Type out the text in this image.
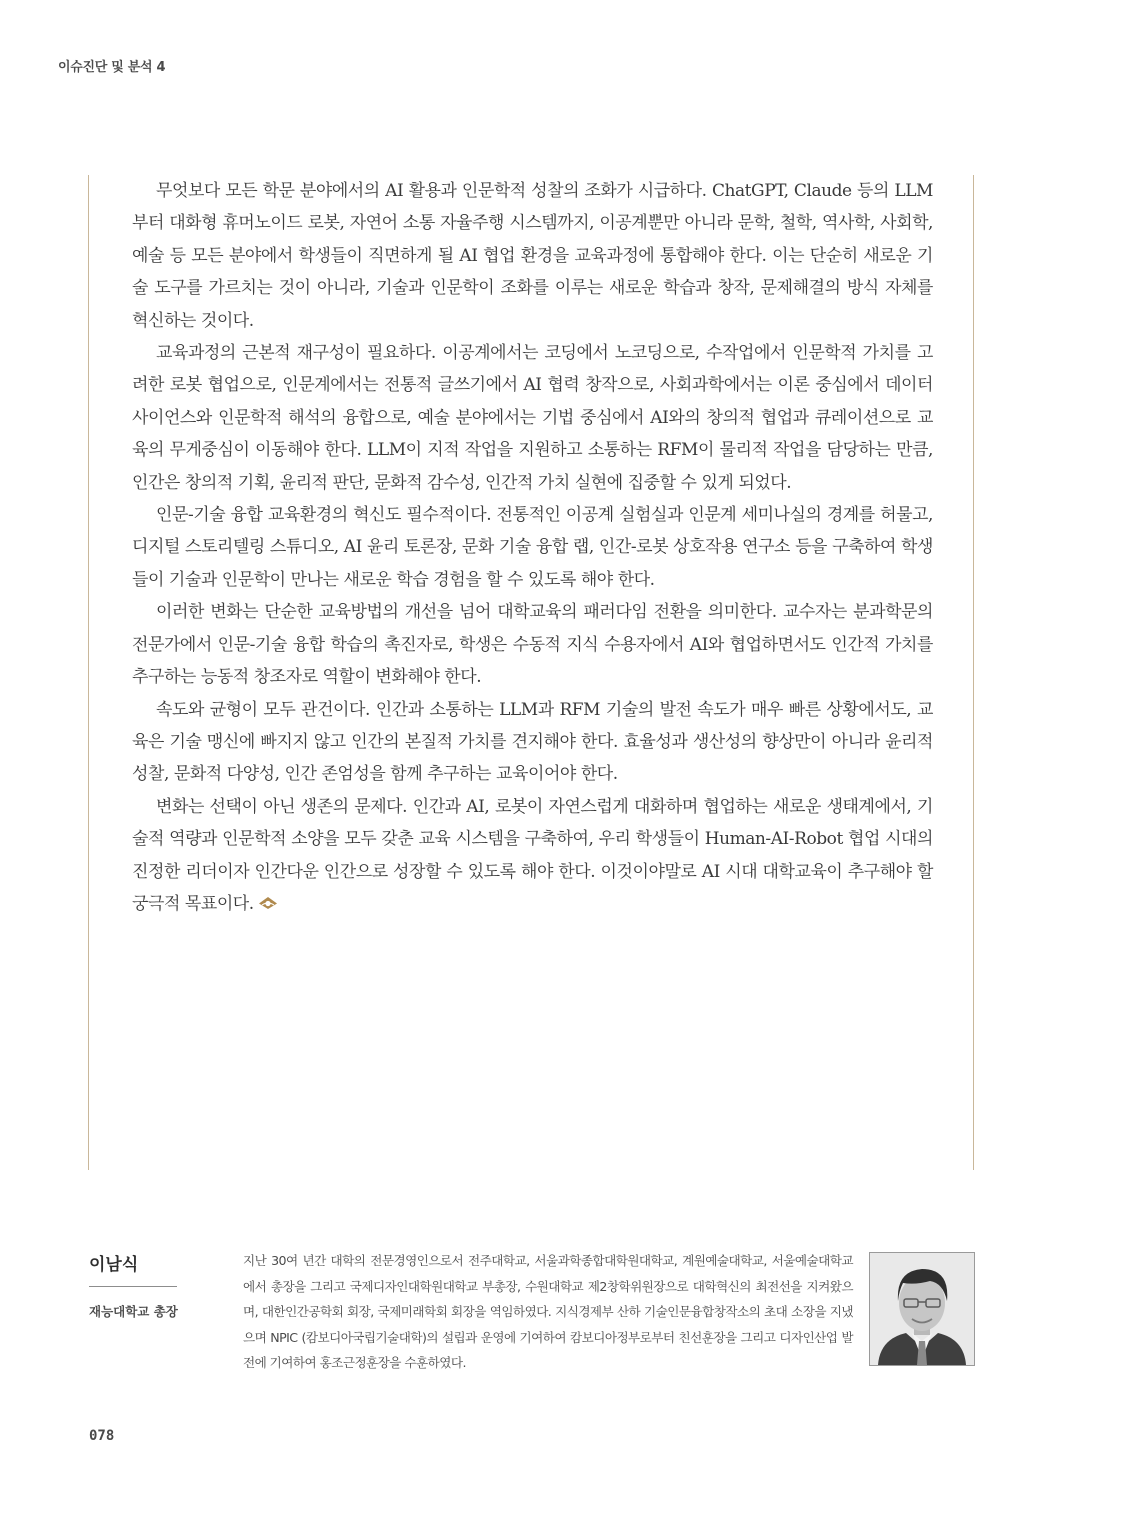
이슈진단 및 분석 4

무엇보다 모든 학문 분야에서의 AI 활용과 인문학적 성찰의 조화가 시급하다. ChatGPT, Claude 등의 LLM부터 대화형 휴머노이드 로봇, 자연어 소통 자율주행 시스템까지, 이공계뿐만 아니라 문학, 철학, 역사학, 사회학, 예술 등 모든 분야에서 학생들이 직면하게 될 AI 협업 환경을 교육과정에 통합해야 한다. 이는 단순히 새로운 기술 도구를 가르치는 것이 아니라, 기술과 인문학이 조화를 이루는 새로운 학습과 창작, 문제해결의 방식 자체를 혁신하는 것이다.

교육과정의 근본적 재구성이 필요하다. 이공계에서는 코딩에서 노코딩으로, 수작업에서 인문학적 가치를 고려한 로봇 협업으로, 인문계에서는 전통적 글쓰기에서 AI 협력 창작으로, 사회과학에서는 이론 중심에서 데이터 사이언스와 인문학적 해석의 융합으로, 예술 분야에서는 기법 중심에서 AI와의 창의적 협업과 큐레이션으로 교육의 무게중심이 이동해야 한다. LLM이 지적 작업을 지원하고 소통하는 RFM이 물리적 작업을 담당하는 만큼, 인간은 창의적 기획, 윤리적 판단, 문화적 감수성, 인간적 가치 실현에 집중할 수 있게 되었다.

인문-기술 융합 교육환경의 혁신도 필수적이다. 전통적인 이공계 실험실과 인문계 세미나실의 경계를 허물고, 디지털 스토리텔링 스튜디오, AI 윤리 토론장, 문화 기술 융합 랩, 인간-로봇 상호작용 연구소 등을 구축하여 학생들이 기술과 인문학이 만나는 새로운 학습 경험을 할 수 있도록 해야 한다.

이러한 변화는 단순한 교육방법의 개선을 넘어 대학교육의 패러다임 전환을 의미한다. 교수자는 분과학문의 전문가에서 인문-기술 융합 학습의 촉진자로, 학생은 수동적 지식 수용자에서 AI와 협업하면서도 인간적 가치를 추구하는 능동적 창조자로 역할이 변화해야 한다.

속도와 균형이 모두 관건이다. 인간과 소통하는 LLM과 RFM 기술의 발전 속도가 매우 빠른 상황에서도, 교육은 기술 맹신에 빠지지 않고 인간의 본질적 가치를 견지해야 한다. 효율성과 생산성의 향상만이 아니라 윤리적 성찰, 문화적 다양성, 인간 존엄성을 함께 추구하는 교육이어야 한다.

변화는 선택이 아닌 생존의 문제다. 인간과 AI, 로봇이 자연스럽게 대화하며 협업하는 새로운 생태계에서, 기술적 역량과 인문학적 소양을 모두 갖춘 교육 시스템을 구축하여, 우리 학생들이 Human-AI-Robot 협업 시대의 진정한 리더이자 인간다운 인간으로 성장할 수 있도록 해야 한다. 이것이야말로 AI 시대 대학교육이 추구해야 할 궁극적 목표이다.

이남식
재능대학교 총장

지난 30여 년간 대학의 전문경영인으로서 전주대학교, 서울과학종합대학원대학교, 계원예술대학교, 서울예술대학교에서 총장을 그리고 국제디자인대학원대학교 부총장, 수원대학교 제2창학위원장으로 대학혁신의 최전선을 지켜왔으며, 대한인간공학회 회장, 국제미래학회 회장을 역임하였다. 지식경제부 산하 기술인문융합창작소의 초대 소장을 지냈으며 NPIC (캄보디아국립기술대학)의 설립과 운영에 기여하여 캄보디아정부로부터 친선훈장을 그리고 디자인산업 발전에 기여하여 홍조근정훈장을 수훈하였다.

078
